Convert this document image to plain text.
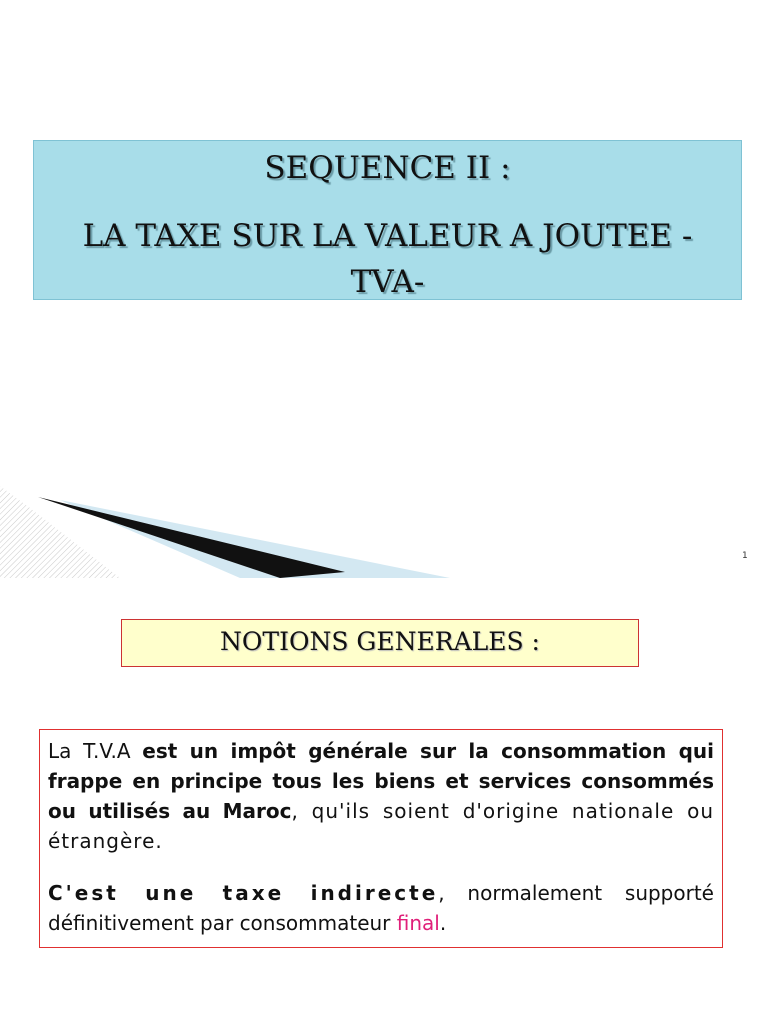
SEQUENCE II :
LA TAXE SUR LA VALEUR A JOUTEE - TVA-
1
NOTIONS GENERALES :

La T.V.A est un impôt générale sur la consommation qui frappe en principe tous les biens et services consommés ou utilisés au Maroc, qu'ils soient d'origine nationale ou étrangère.

C'est une taxe indirecte, normalement supporté définitivement par consommateur final.
